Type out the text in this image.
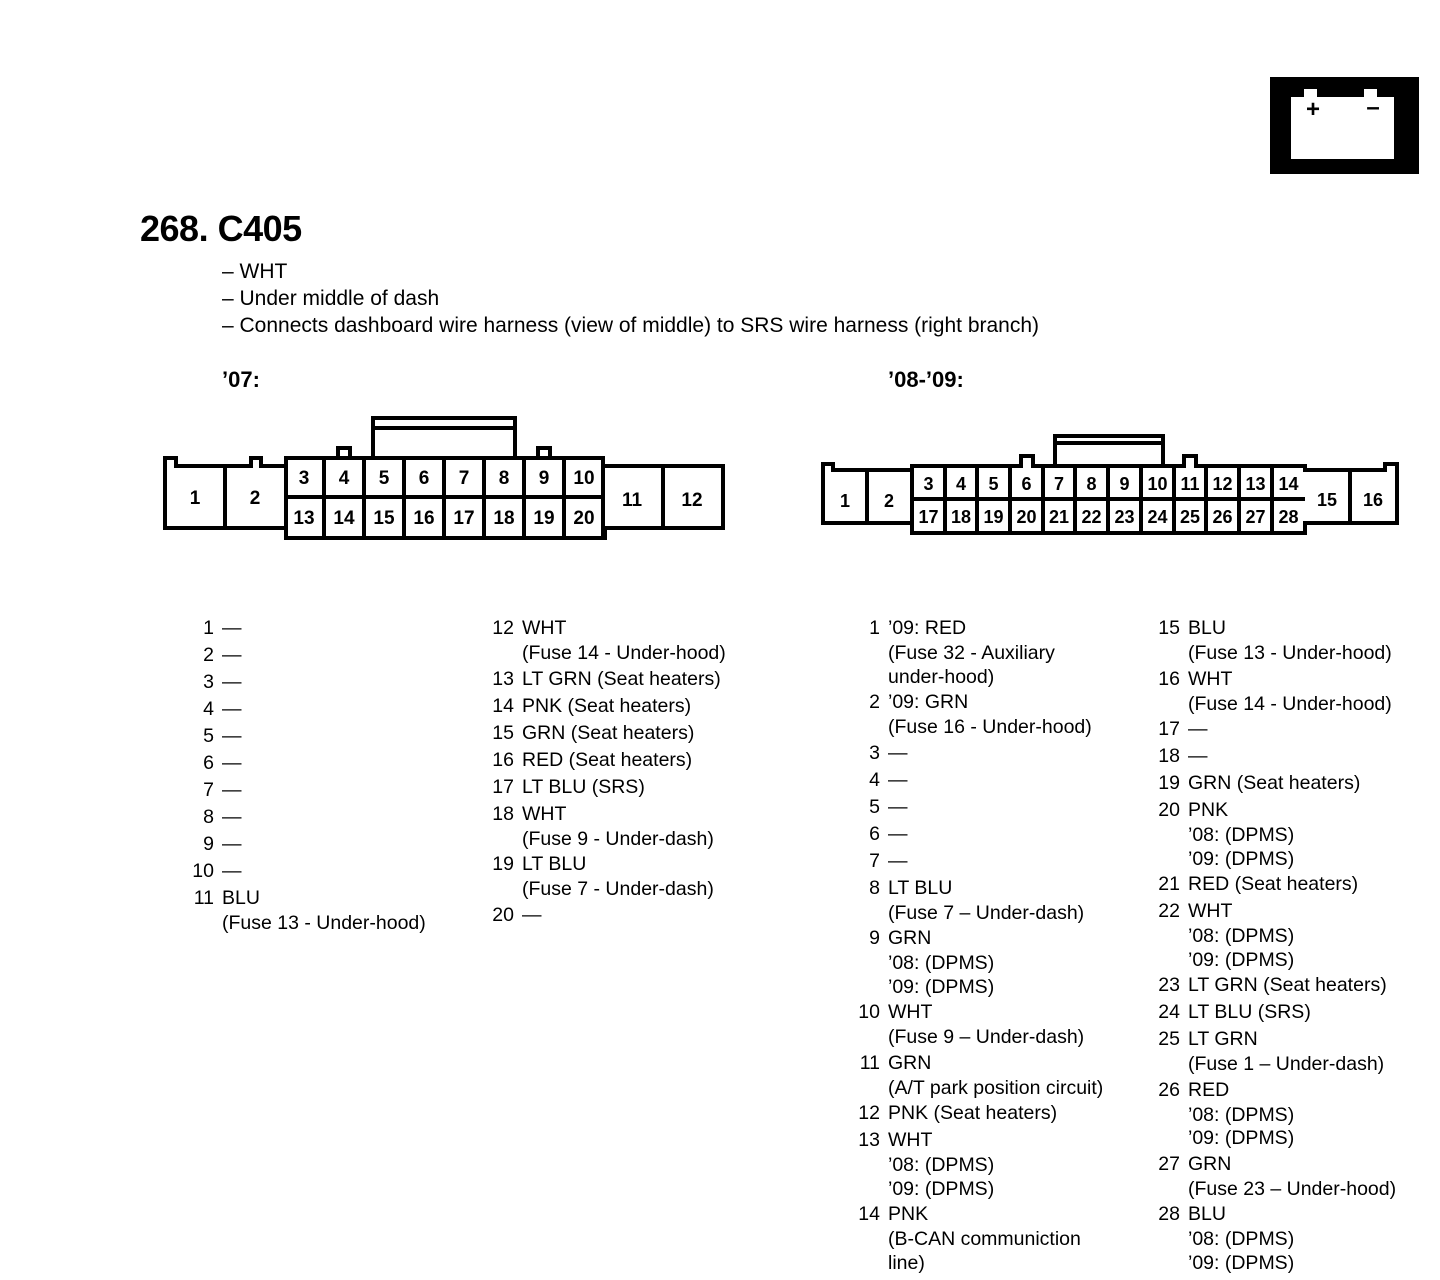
+ –
268. C405
– WHT
– Under middle of dash
– Connects dashboard wire harness (view of middle) to SRS wire harness (right branch)
’07:	’08-’09:
1	2
3 4 5 6 7 8 9 10
11 12
13 14 15 16 17 18 19 20
1 2
3 4 5 6 7 8 9 10 11 12 13 14
15 16
17 18 19 20 21 22 23 24 25 26 27 28
1 —
2 —
3 —
4 —
5 —
6 —
7 —
8 —
9 —
10 —
11 BLU
(Fuse 13 - Under-hood)
12 WHT
(Fuse 14 - Under-hood)
13 LT GRN (Seat heaters)
14 PNK (Seat heaters)
15 GRN (Seat heaters)
16 RED (Seat heaters)
17 LT BLU (SRS)
18 WHT
(Fuse 9 - Under-dash)
19 LT BLU
(Fuse 7 - Under-dash)
20 —
1 ’09: RED
(Fuse 32 - Auxiliary
under-hood)
2 ’09: GRN
(Fuse 16 - Under-hood)
3 —
4 —
5 —
6 —
7 —
8 LT BLU
(Fuse 7 – Under-dash)
9 GRN
’08: (DPMS)
’09: (DPMS)
10 WHT
(Fuse 9 – Under-dash)
11 GRN
(A/T park position circuit)
12 PNK (Seat heaters)
13 WHT
’08: (DPMS)
’09: (DPMS)
14 PNK
(B-CAN communiction
line)
15 BLU
(Fuse 13 - Under-hood)
16 WHT
(Fuse 14 - Under-hood)
17 —
18 —
19 GRN (Seat heaters)
20 PNK
’08: (DPMS)
’09: (DPMS)
21 RED (Seat heaters)
22 WHT
’08: (DPMS)
’09: (DPMS)
23 LT GRN (Seat heaters)
24 LT BLU (SRS)
25 LT GRN
(Fuse 1 – Under-dash)
26 RED
’08: (DPMS)
’09: (DPMS)
27 GRN
(Fuse 23 – Under-hood)
28 BLU
’08: (DPMS)
’09: (DPMS)
